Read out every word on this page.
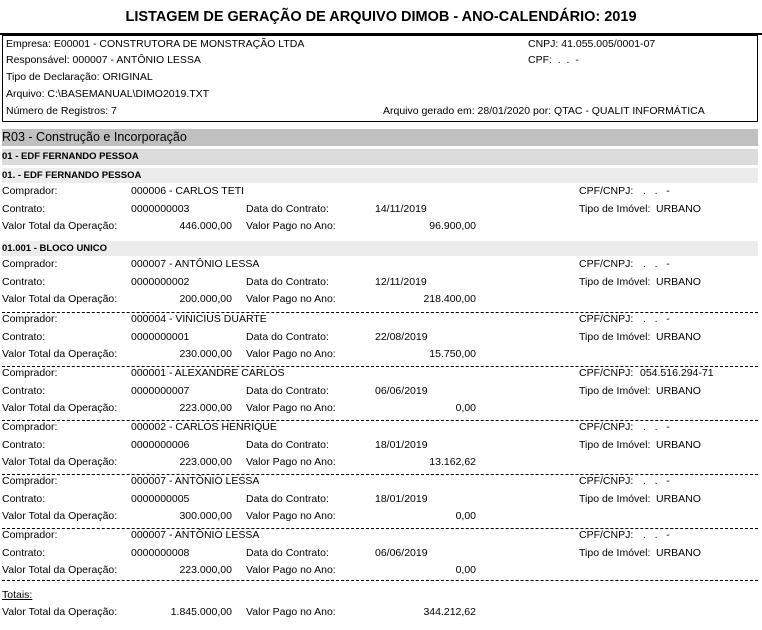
LISTAGEM DE GERAÇÃO DE ARQUIVO DIMOB - ANO-CALENDÁRIO: 2019
Empresa: E00001 - CONSTRUTORA DE MONSTRAÇÃO LTDA	CNPJ: 41.055.005/0001-07
Responsável: 000007 - ANTÔNIO LESSA	CPF:  .  .  -
Tipo de Declaração: ORIGINAL
Arquivo: C:\BASEMANUAL\DIMO2019.TXT
Número de Registros: 7	Arquivo gerado em: 28/01/2020 por: QTAC - QUALIT INFORMÁTICA
R03 - Construção e Incorporação
01 - EDF FERNANDO PESSOA
01. - EDF FERNANDO PESSOA
01.001 - BLOCO UNICO
Totais:
Valor Total da Operação:	1.845.000,00 Valor Pago no Ano:	344.212,62
Comprador:	000006 - CARLOS TETI	CPF/CNPJ: .   .   -
Contrato:	0000000003	Data do Contrato:	14/11/2019	Tipo de Imóvel: URBANO
Valor Total da Operação:	446.000,00 Valor Pago no Ano:	96.900,00
Comprador:	000007 - ANTÔNIO LESSA	CPF/CNPJ: .   .   -
Contrato:	0000000002	Data do Contrato:	12/11/2019	Tipo de Imóvel: URBANO
Valor Total da Operação:	200.000,00 Valor Pago no Ano:	218.400,00
Comprador:	000004 - VINICIUS DUARTE	CPF/CNPJ: .   .   -
Contrato:	0000000001	Data do Contrato:	22/08/2019	Tipo de Imóvel: URBANO
Valor Total da Operação:	230.000,00 Valor Pago no Ano:	15.750,00
Comprador:	000001 - ALEXANDRE CARLOS	CPF/CNPJ: 054.516.294-71
Contrato:	0000000007	Data do Contrato:	06/06/2019	Tipo de Imóvel: URBANO
Valor Total da Operação:	223.000,00 Valor Pago no Ano:	0,00
Comprador:	000002 - CARLOS HENRIQUE	CPF/CNPJ: .   .   -
Contrato:	0000000006	Data do Contrato:	18/01/2019	Tipo de Imóvel: URBANO
Valor Total da Operação:	223.000,00 Valor Pago no Ano:	13.162,62
Comprador:	000007 - ANTÔNIO LESSA	CPF/CNPJ: .   .   -
Contrato:	0000000005	Data do Contrato:	18/01/2019	Tipo de Imóvel: URBANO
Valor Total da Operação:	300.000,00 Valor Pago no Ano:	0,00
Comprador:	000007 - ANTÔNIO LESSA	CPF/CNPJ: .   .   -
Contrato:	0000000008	Data do Contrato:	06/06/2019	Tipo de Imóvel: URBANO
Valor Total da Operação:	223.000,00 Valor Pago no Ano:	0,00
